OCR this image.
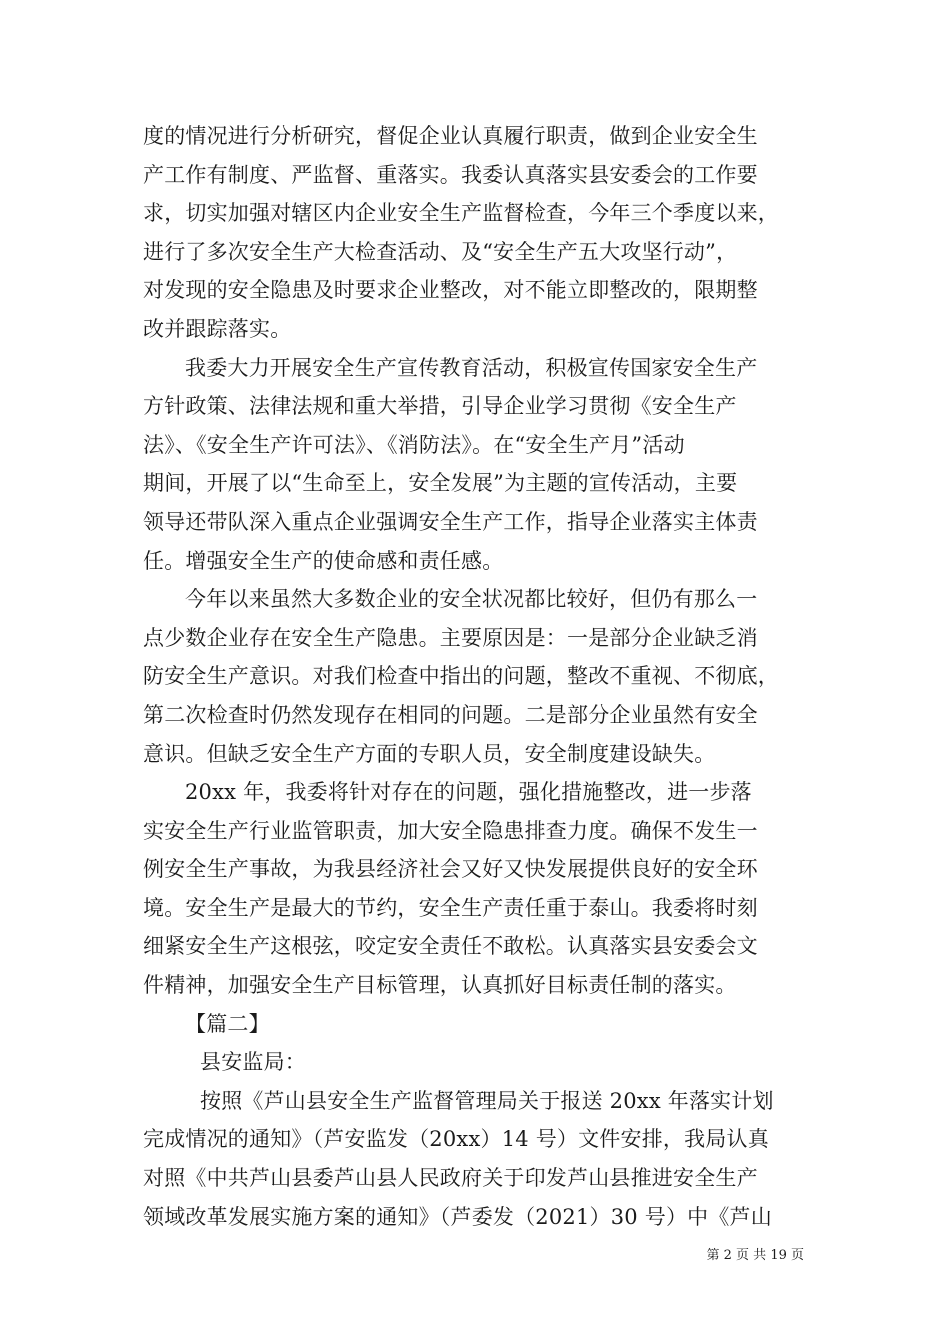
度的情况进行分析研究，督促企业认真履行职责，做到企业安全生
产工作有制度、严监督、重落实。我委认真落实县安委会的工作要
求，切实加强对辖区内企业安全生产监督检查，今年三个季度以来，
进行了多次安全生产大检查活动、及“安全生产五大攻坚行动”，
对发现的安全隐患及时要求企业整改，对不能立即整改的，限期整
改并跟踪落实。
我委大力开展安全生产宣传教育活动，积极宣传国家安全生产
方针政策、法律法规和重大举措，引导企业学习贯彻《安全生产
法》、《安全生产许可法》、《消防法》。在“安全生产月”活动
期间，开展了以“生命至上，安全发展”为主题的宣传活动，主要
领导还带队深入重点企业强调安全生产工作，指导企业落实主体责
任。增强安全生产的使命感和责任感。
今年以来虽然大多数企业的安全状况都比较好，但仍有那么一
点少数企业存在安全生产隐患。主要原因是：一是部分企业缺乏消
防安全生产意识。对我们检查中指出的问题，整改不重视、不彻底，
第二次检查时仍然发现存在相同的问题。二是部分企业虽然有安全
意识。但缺乏安全生产方面的专职人员，安全制度建设缺失。
20xx 年，我委将针对存在的问题，强化措施整改，进一步落
实安全生产行业监管职责，加大安全隐患排查力度。确保不发生一
例安全生产事故，为我县经济社会又好又快发展提供良好的安全环
境。安全生产是最大的节约，安全生产责任重于泰山。我委将时刻
细紧安全生产这根弦，咬定安全责任不敢松。认真落实县安委会文
件精神，加强安全生产目标管理，认真抓好目标责任制的落实。
【篇二】
县安监局：
按照《芦山县安全生产监督管理局关于报送 20xx 年落实计划
完成情况的通知》（芦安监发（20xx）14 号）文件安排，我局认真
对照《中共芦山县委芦山县人民政府关于印发芦山县推进安全生产
领域改革发展实施方案的通知》（芦委发（2021）30 号）中《芦山
第 2 页 共 19 页
